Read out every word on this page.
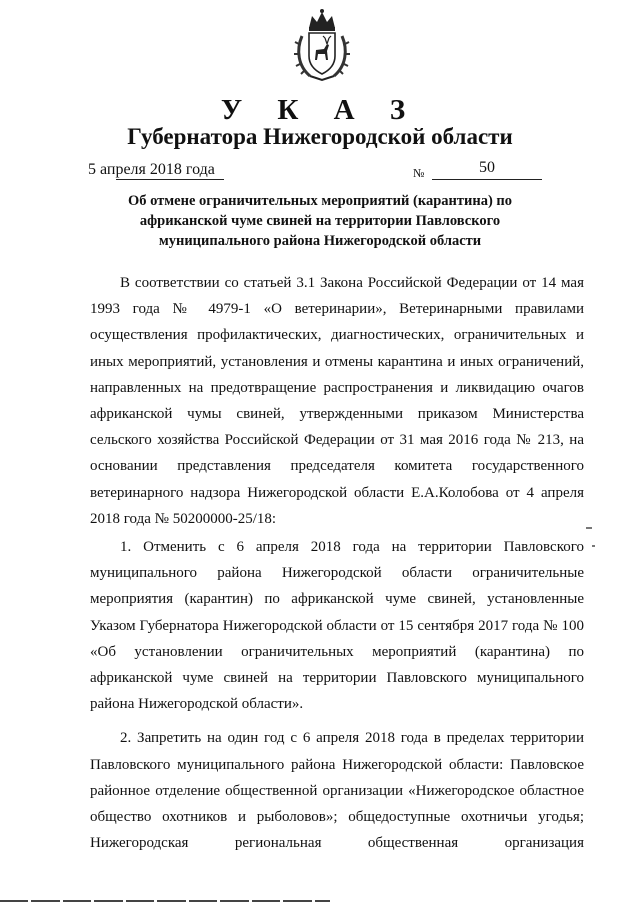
У К А З
Губернатора Нижегородской области
5 апреля 2018 года	№	50
Об отмене ограничительных мероприятий (карантина) по
африканской чуме свиней на территории Павловского
муниципального района Нижегородской области

В соответствии со статьей 3.1 Закона Российской Федерации от 14 мая 1993 года № 4979-1 «О ветеринарии», Ветеринарными правилами осуществления профилактических, диагностических, ограничительных и иных мероприятий, установления и отмены карантина и иных ограничений, направленных на предотвращение распространения и ликвидацию очагов африканской чумы свиней, утвержденными приказом Министерства сельского хозяйства Российской Федерации от 31 мая 2016 года № 213, на основании представления председателя комитета государственного ветеринарного надзора Нижегородской области Е.А.Колобова от 4 апреля 2018 года № 50200000-25/18:

1. Отменить с 6 апреля 2018 года на территории Павловского муниципального района Нижегородской области ограничительные мероприятия (карантин) по африканской чуме свиней, установленные Указом Губернатора Нижегородской области от 15 сентября 2017 года № 100 «Об установлении ограничительных мероприятий (карантина) по африканской чуме свиней на территории Павловского муниципального района Нижегородской области».

2. Запретить на один год с 6 апреля 2018 года в пределах территории Павловского муниципального района Нижегородской области: Павловское районное отделение общественной организации «Нижегородское областное общество охотников и рыболовов»; общедоступные охотничьи угодья; Нижегородская региональная общественная организация
